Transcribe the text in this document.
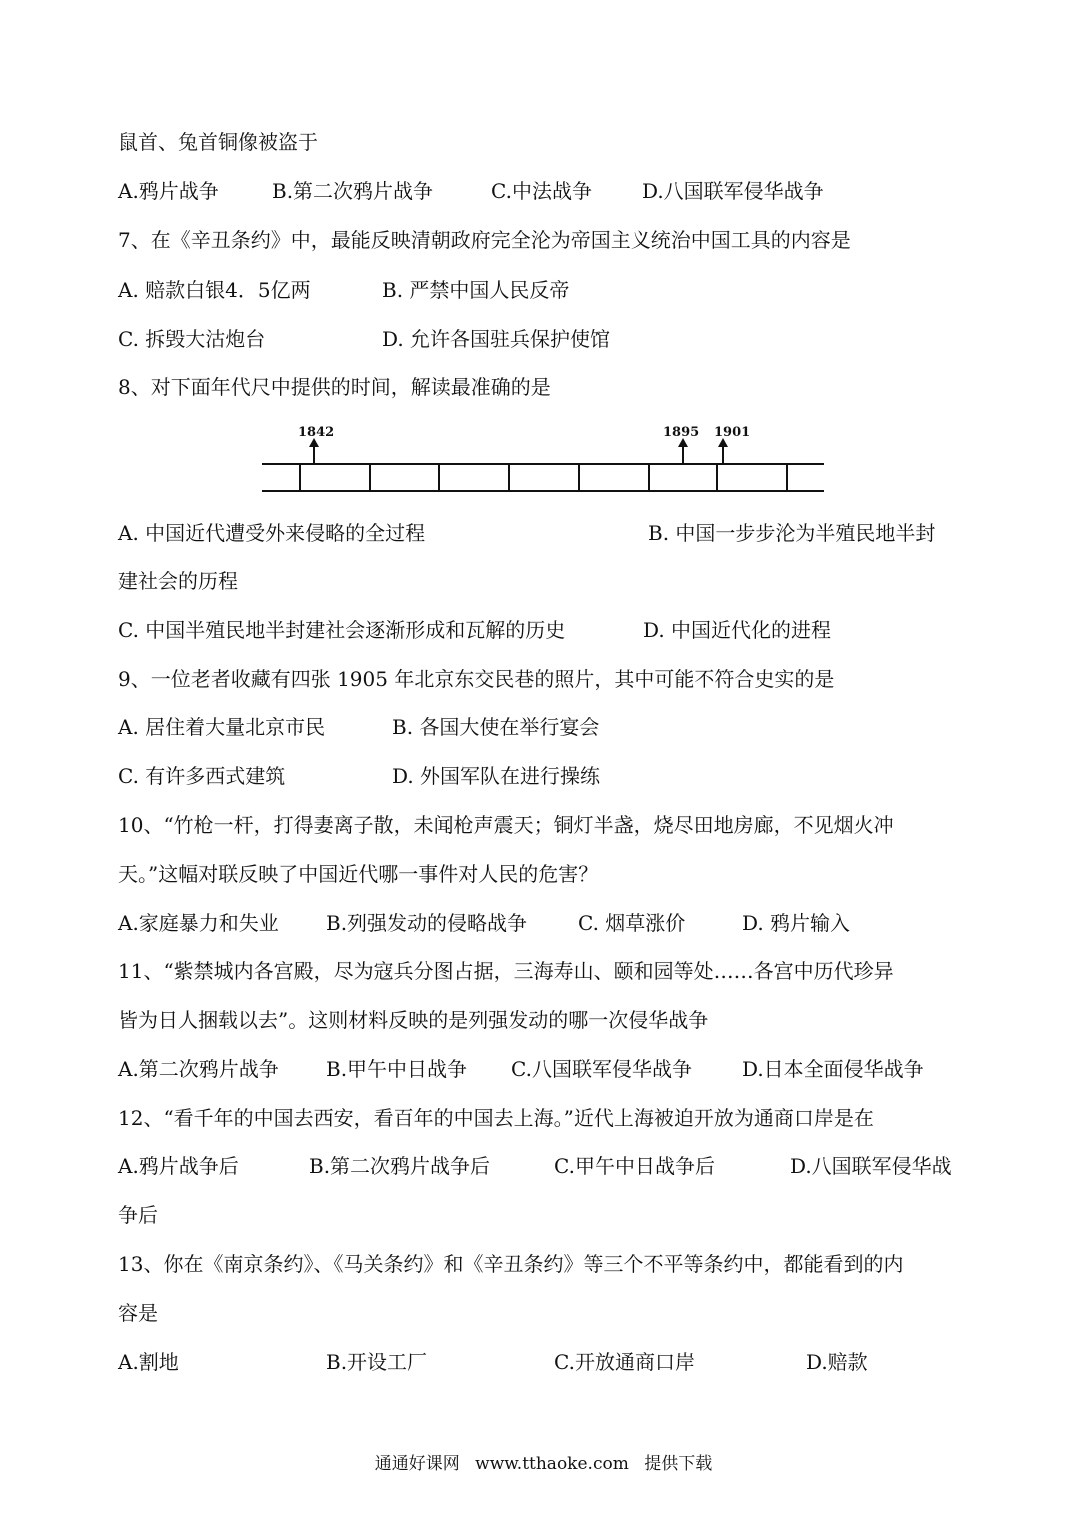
鼠首、兔首铜像被盗于
A.鸦片战争	B.第二次鸦片战争	C.中法战争	D.八国联军侵华战争
7、在《辛丑条约》中，最能反映清朝政府完全沦为帝国主义统治中国工具的内容是
A. 赔款白银4．5亿两	B. 严禁中国人民反帝
C. 拆毁大沽炮台	D. 允许各国驻兵保护使馆
8、对下面年代尺中提供的时间，解读最准确的是
1842	1895 1901
A. 中国近代遭受外来侵略的全过程	B. 中国一步步沦为半殖民地半封
建社会的历程
C. 中国半殖民地半封建社会逐渐形成和瓦解的历史	D. 中国近代化的进程
9、一位老者收藏有四张 1905 年北京东交民巷的照片，其中可能不符合史实的是
A. 居住着大量北京市民	B. 各国大使在举行宴会
C. 有许多西式建筑	D. 外国军队在进行操练
10、“竹枪一杆，打得妻离子散，未闻枪声震天；铜灯半盏，烧尽田地房廊，不见烟火冲
天。”这幅对联反映了中国近代哪一事件对人民的危害？
A.家庭暴力和失业 B.列强发动的侵略战争	C. 烟草涨价	D. 鸦片输入
11、“紫禁城内各宫殿，尽为寇兵分图占据，三海寿山、颐和园等处……各宫中历代珍异
皆为日人捆载以去”。这则材料反映的是列强发动的哪一次侵华战争
A.第二次鸦片战争 B.甲午中日战争 C.八国联军侵华战争	D.日本全面侵华战争
12、“看千年的中国去西安，看百年的中国去上海。”近代上海被迫开放为通商口岸是在
A.鸦片战争后	B.第二次鸦片战争后	C.甲午中日战争后	D.八国联军侵华战
争后
13、你在《南京条约》、《马关条约》和《辛丑条约》等三个不平等条约中，都能看到的内
容是
A.割地	B.开设工厂	C.开放通商口岸	D.赔款
通通好课网 www.tthaoke.com 提供下载
